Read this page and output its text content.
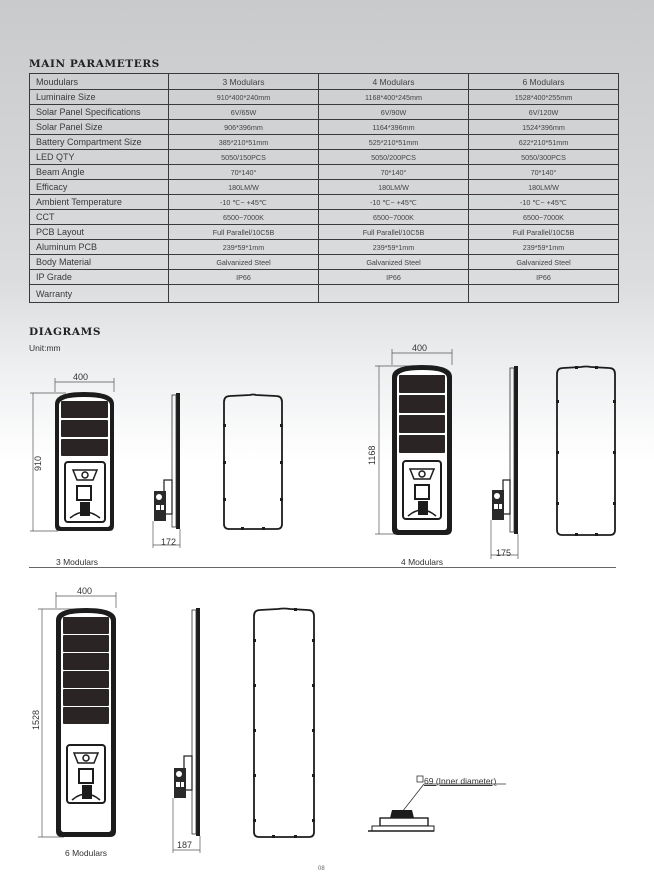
MAIN PARAMETERS
Moudulars	3 Modulars	4 Modulars	6 Modulars
Luminaire Size	910*400*240mm	1168*400*245mm	1528*400*255mm
Solar Panel Specifications	6V/65W	6V/90W	6V/120W
Solar Panel Size	906*396mm	1164*396mm	1524*396mm
Battery Compartment Size	385*210*51mm	525*210*51mm	622*210*51mm
LED QTY	5050/150PCS	5050/200PCS	5050/300PCS
Beam Angle	70*140°	70*140°	70*140°
Efficacy	180LM/W	180LM/W	180LM/W
Ambient Temperature	-10 ℃~ +45℃	-10 ℃~ +45℃	-10 ℃~ +45℃
CCT	6500~7000K	6500~7000K	6500~7000K
PCB Layout	Full Parallel/10C5B	Full Parallel/10C5B	Full Parallel/10C5B
Aluminum PCB	239*59*1mm	239*59*1mm	239*59*1mm
Body Material	Galvanized Steel	Galvanized Steel	Galvanized Steel
IP Grade	IP66	IP66	IP66
Warranty			
DIAGRAMS
Unit:mm
400
910
172
3 Modulars
400
1168
175
4 Modulars
400
1528
187
6 Modulars
69 (Inner diameter)
08
